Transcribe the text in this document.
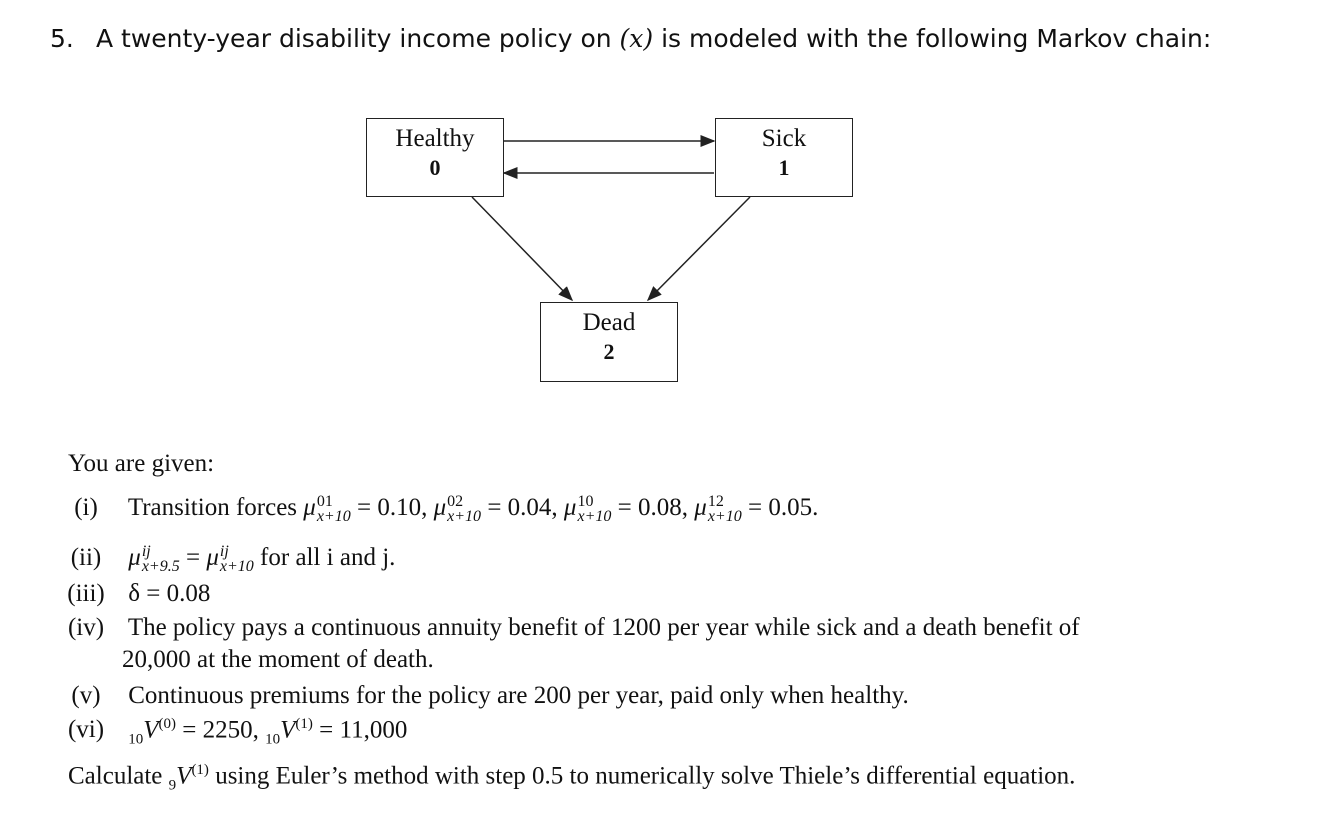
5. A twenty-year disability income policy on (x) is modeled with the following Markov chain:
Healthy
0
Sick
1
Dead
2
You are given:
(i) Transition forces μ 01
x+10 = 0.10, μ 02
x+10 = 0.04, μ 10
x+10 = 0.08, μ 12
x+10 = 0.05.
(ii) μ ij
x+9.5 = μ ij
x+10 for all i and j.
(iii) δ = 0.08
(iv) The policy pays a continuous annuity benefit of 1200 per year while sick and a death benefit of
20,000 at the moment of death.
(v) Continuous premiums for the policy are 200 per year, paid only when healthy.
(vi) $_{10}V^{(0)} = 2250$, $_{10}V^{(1)} = 11,000$
Calculate $_9V^{(1)}$ using Euler’s method with step 0.5 to numerically solve Thiele’s differential equation.
